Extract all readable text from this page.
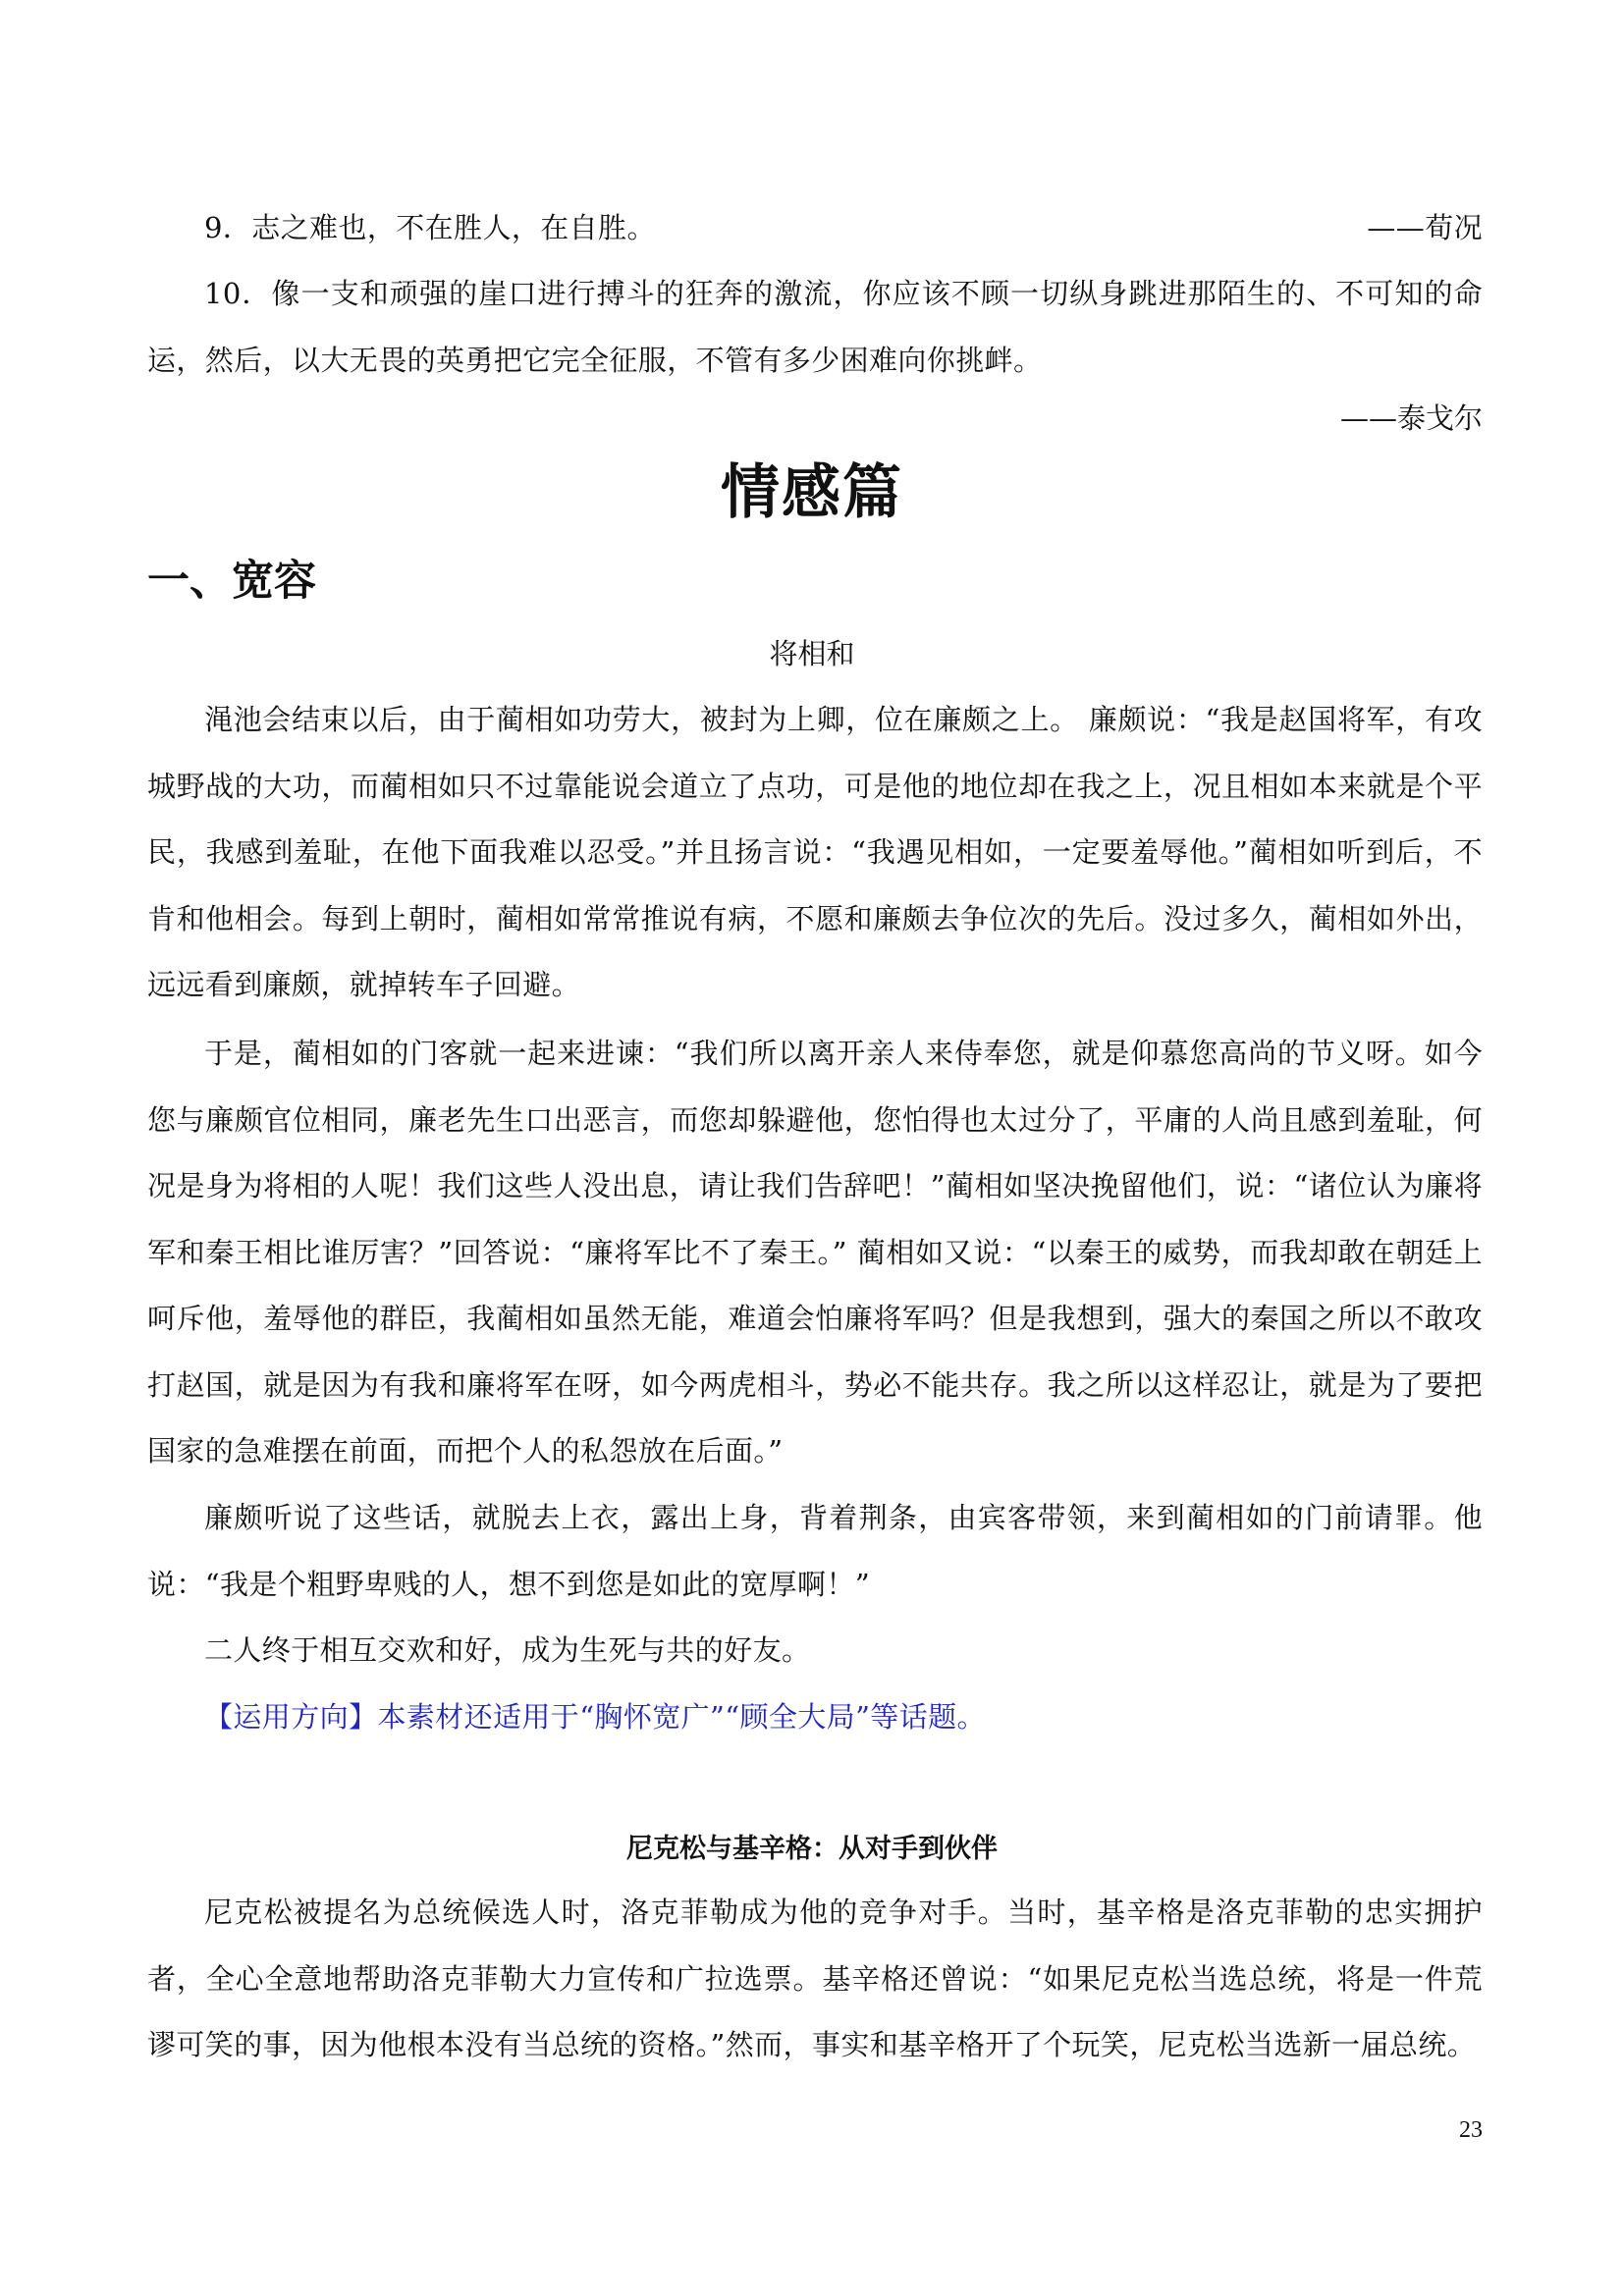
9．志之难也，不在胜人，在自胜。	——荀况

10．像一支和顽强的崖口进行搏斗的狂奔的激流，你应该不顾一切纵身跳进那陌生的、不可知的命运，然后，以大无畏的英勇把它完全征服，不管有多少困难向你挑衅。

——泰戈尔
情感篇
一、宽容
将相和

渑池会结束以后，由于蔺相如功劳大，被封为上卿，位在廉颇之上。 廉颇说：“我是赵国将军，有攻城野战的大功，而蔺相如只不过靠能说会道立了点功，可是他的地位却在我之上，况且相如本来就是个平民，我感到羞耻，在他下面我难以忍受。”并且扬言说：“我遇见相如，一定要羞辱他。”蔺相如听到后，不肯和他相会。每到上朝时，蔺相如常常推说有病，不愿和廉颇去争位次的先后。没过多久，蔺相如外出，远远看到廉颇，就掉转车子回避。

于是，蔺相如的门客就一起来进谏：“我们所以离开亲人来侍奉您，就是仰慕您高尚的节义呀。如今您与廉颇官位相同，廉老先生口出恶言，而您却躲避他，您怕得也太过分了，平庸的人尚且感到羞耻，何况是身为将相的人呢！我们这些人没出息，请让我们告辞吧！”蔺相如坚决挽留他们，说：“诸位认为廉将军和秦王相比谁厉害？”回答说：“廉将军比不了秦王。” 蔺相如又说：“以秦王的威势，而我却敢在朝廷上呵斥他，羞辱他的群臣，我蔺相如虽然无能，难道会怕廉将军吗？但是我想到，强大的秦国之所以不敢攻打赵国，就是因为有我和廉将军在呀，如今两虎相斗，势必不能共存。我之所以这样忍让，就是为了要把国家的急难摆在前面，而把个人的私怨放在后面。”

廉颇听说了这些话，就脱去上衣，露出上身，背着荆条，由宾客带领，来到蔺相如的门前请罪。他说：“我是个粗野卑贱的人，想不到您是如此的宽厚啊！”

二人终于相互交欢和好，成为生死与共的好友。

【运用方向】本素材还适用于“胸怀宽广”“顾全大局”等话题。

尼克松与基辛格：从对手到伙伴

尼克松被提名为总统候选人时，洛克菲勒成为他的竞争对手。当时，基辛格是洛克菲勒的忠实拥护者，全心全意地帮助洛克菲勒大力宣传和广拉选票。基辛格还曾说：“如果尼克松当选总统，将是一件荒谬可笑的事，因为他根本没有当总统的资格。”然而，事实和基辛格开了个玩笑，尼克松当选新一届总统。

23
